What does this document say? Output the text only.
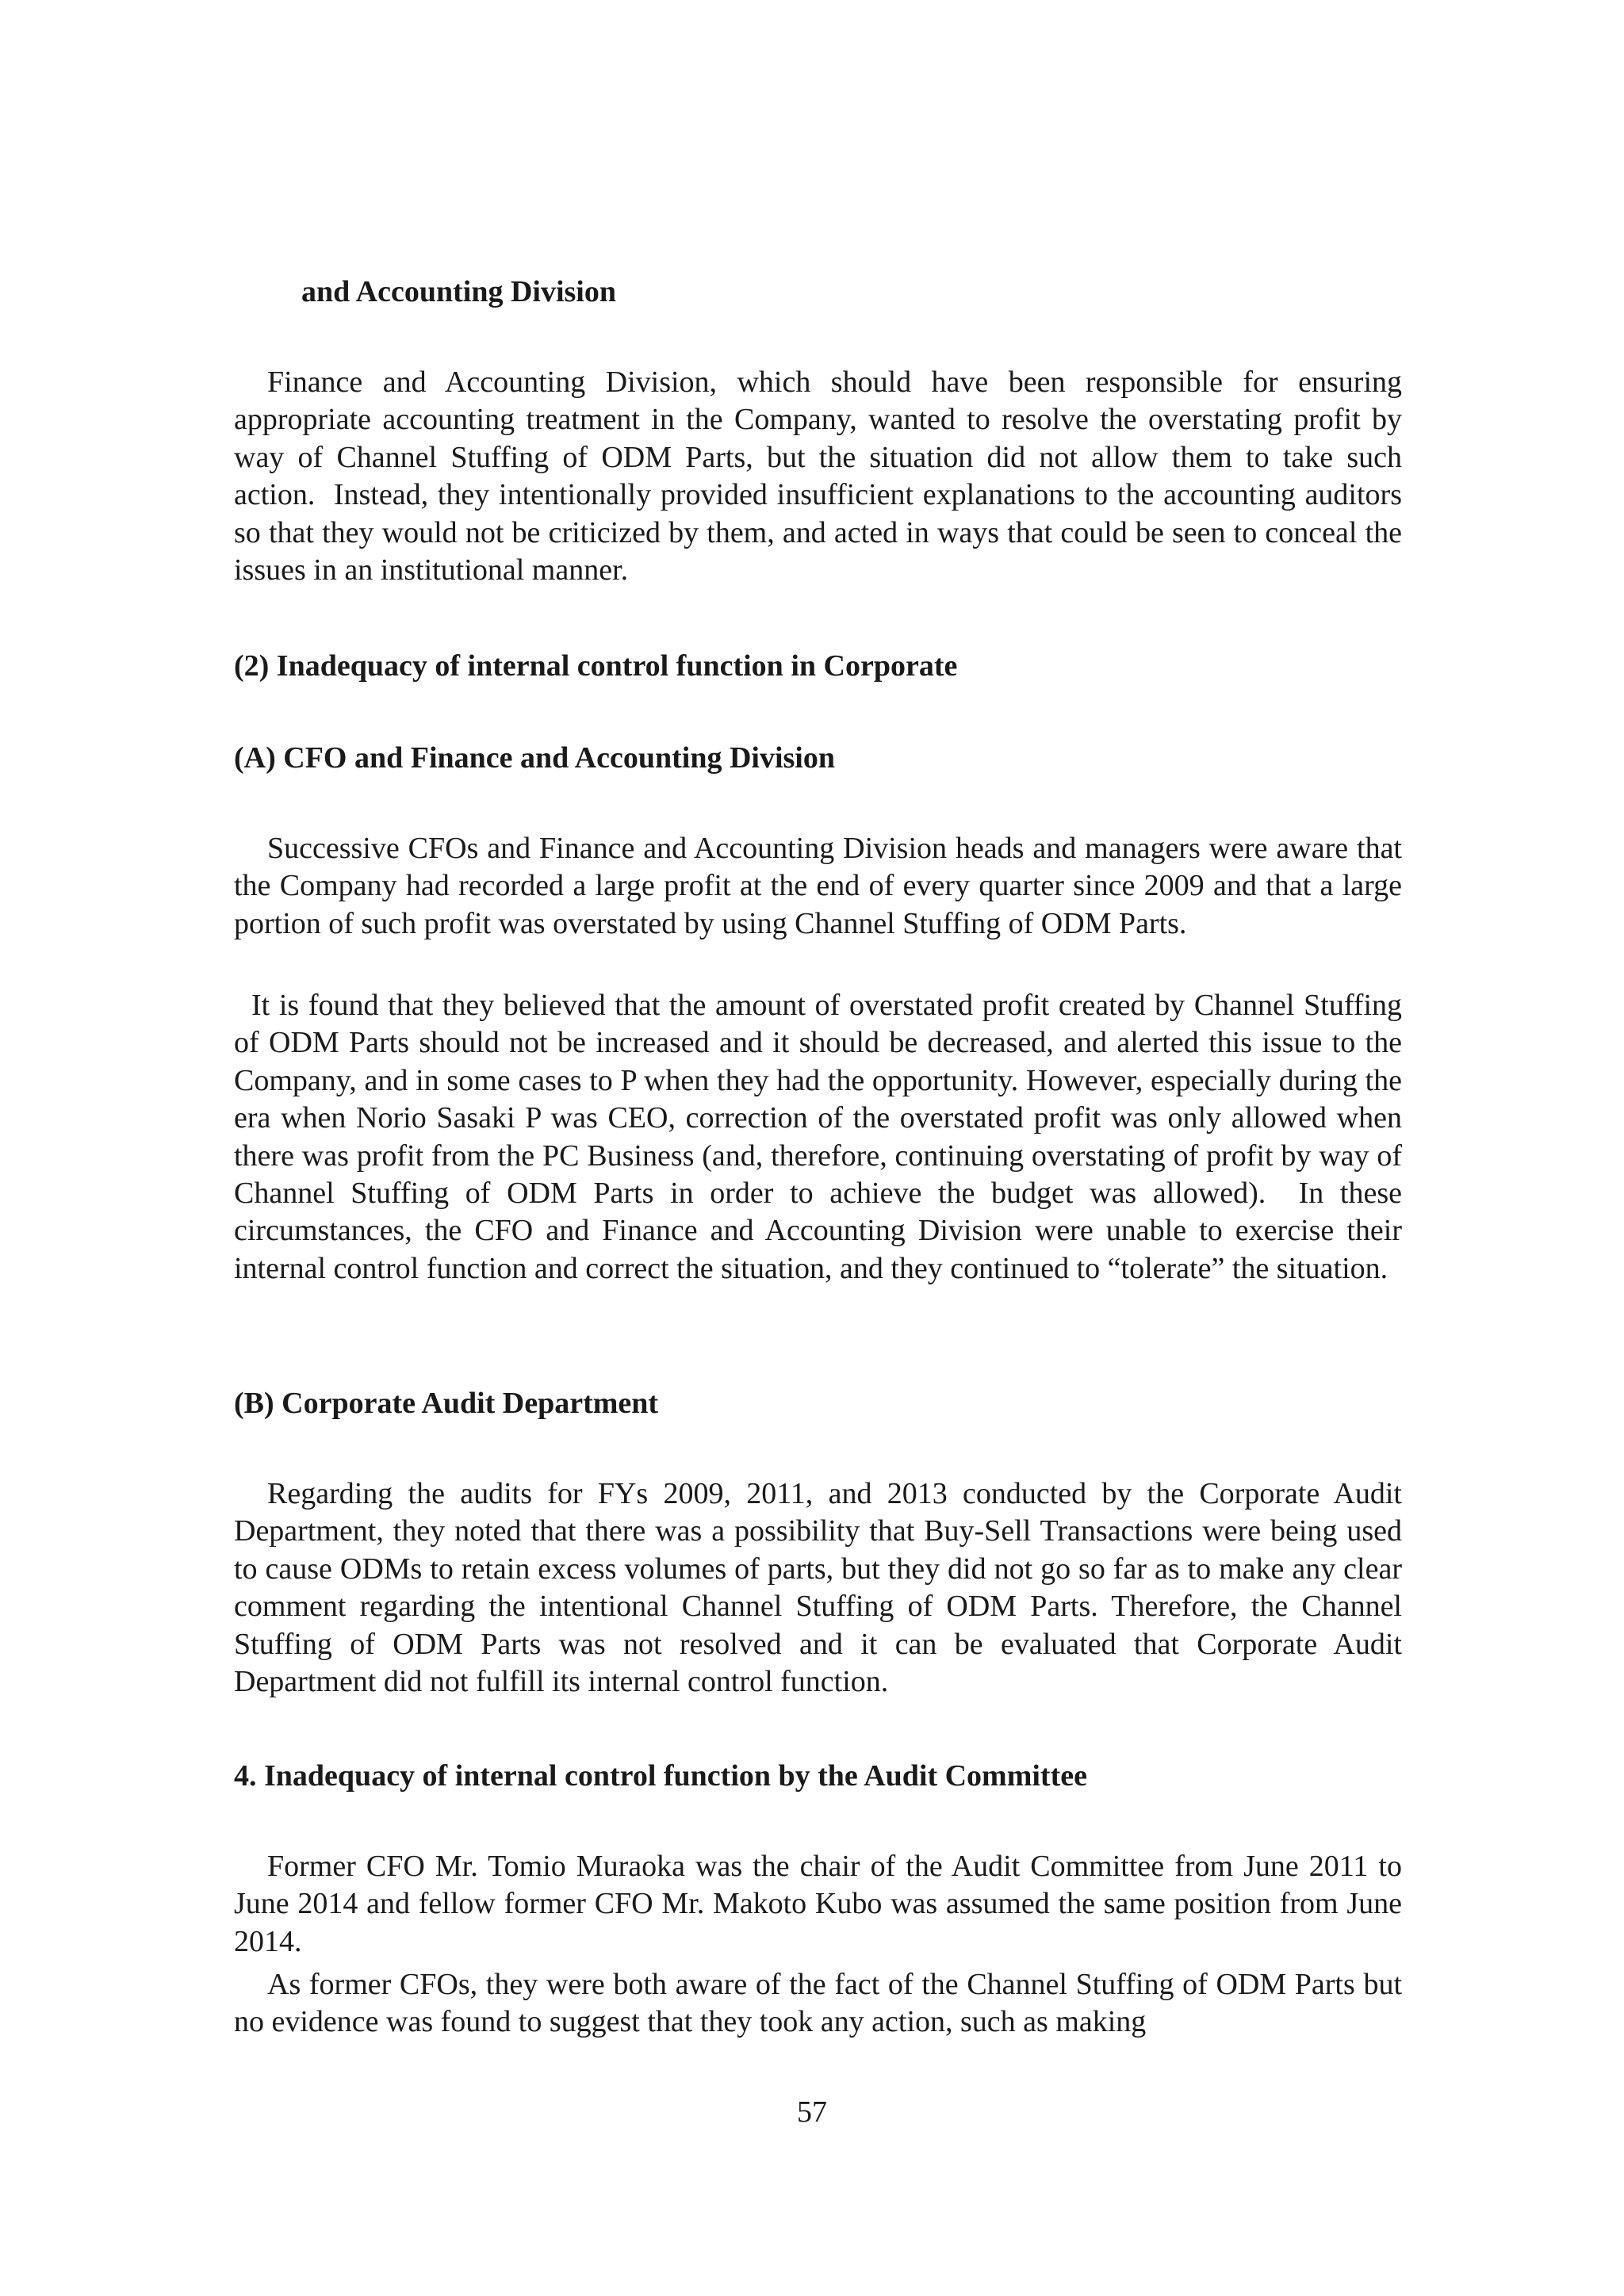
and Accounting Division

Finance and Accounting Division, which should have been responsible for ensuring appropriate accounting treatment in the Company, wanted to resolve the overstating profit by way of Channel Stuffing of ODM Parts, but the situation did not allow them to take such action.  Instead, they intentionally provided insufficient explanations to the accounting auditors so that they would not be criticized by them, and acted in ways that could be seen to conceal the issues in an institutional manner.

(2) Inadequacy of internal control function in Corporate

(A) CFO and Finance and Accounting Division

Successive CFOs and Finance and Accounting Division heads and managers were aware that the Company had recorded a large profit at the end of every quarter since 2009 and that a large portion of such profit was overstated by using Channel Stuffing of ODM Parts.

It is found that they believed that the amount of overstated profit created by Channel Stuffing of ODM Parts should not be increased and it should be decreased, and alerted this issue to the Company, and in some cases to P when they had the opportunity. However, especially during the era when Norio Sasaki P was CEO, correction of the overstated profit was only allowed when there was profit from the PC Business (and, therefore, continuing overstating of profit by way of Channel Stuffing of ODM Parts in order to achieve the budget was allowed).  In these circumstances, the CFO and Finance and Accounting Division were unable to exercise their internal control function and correct the situation, and they continued to “tolerate” the situation.

(B) Corporate Audit Department

Regarding the audits for FYs 2009, 2011, and 2013 conducted by the Corporate Audit Department, they noted that there was a possibility that Buy-Sell Transactions were being used to cause ODMs to retain excess volumes of parts, but they did not go so far as to make any clear comment regarding the intentional Channel Stuffing of ODM Parts. Therefore, the Channel Stuffing of ODM Parts was not resolved and it can be evaluated that Corporate Audit Department did not fulfill its internal control function.

4. Inadequacy of internal control function by the Audit Committee

Former CFO Mr. Tomio Muraoka was the chair of the Audit Committee from June 2011 to June 2014 and fellow former CFO Mr. Makoto Kubo was assumed the same position from June 2014.

As former CFOs, they were both aware of the fact of the Channel Stuffing of ODM Parts but no evidence was found to suggest that they took any action, such as making

57
